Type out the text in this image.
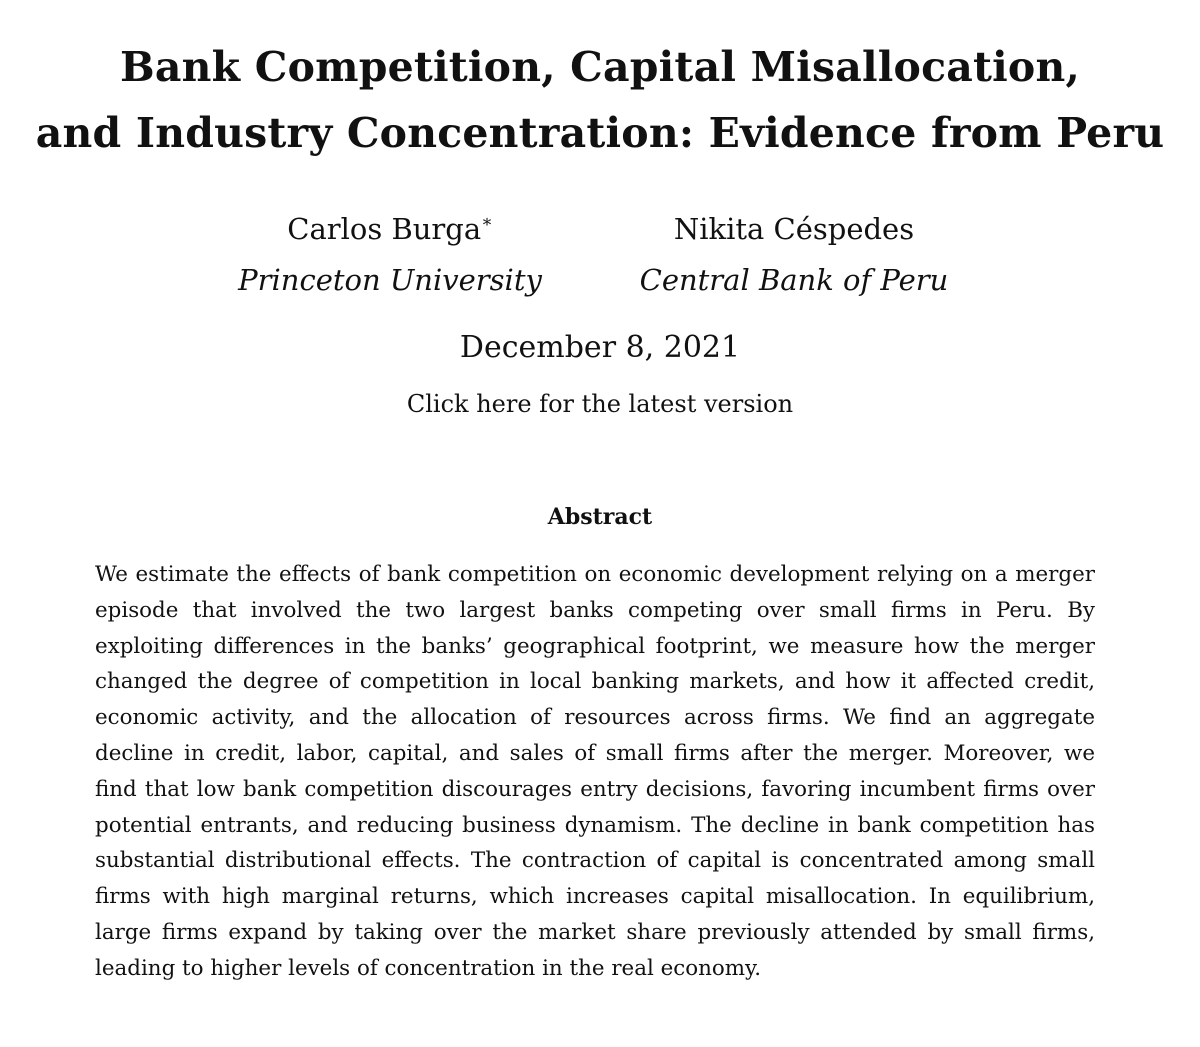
Bank Competition, Capital Misallocation,
and Industry Concentration: Evidence from Peru
Carlos Burga∗
Princeton University
Nikita Céspedes
Central Bank of Peru
December 8, 2021
Click here for the latest version
Abstract

We estimate the effects of bank competition on economic development relying on a merger
episode that involved the two largest banks competing over small firms in Peru. By
exploiting differences in the banks’ geographical footprint, we measure how the merger
changed the degree of competition in local banking markets, and how it affected credit,
economic activity, and the allocation of resources across firms. We find an aggregate
decline in credit, labor, capital, and sales of small firms after the merger. Moreover, we
find that low bank competition discourages entry decisions, favoring incumbent firms over
potential entrants, and reducing business dynamism. The decline in bank competition has
substantial distributional effects. The contraction of capital is concentrated among small
firms with high marginal returns, which increases capital misallocation. In equilibrium,
large firms expand by taking over the market share previously attended by small firms,
leading to higher levels of concentration in the real economy.
